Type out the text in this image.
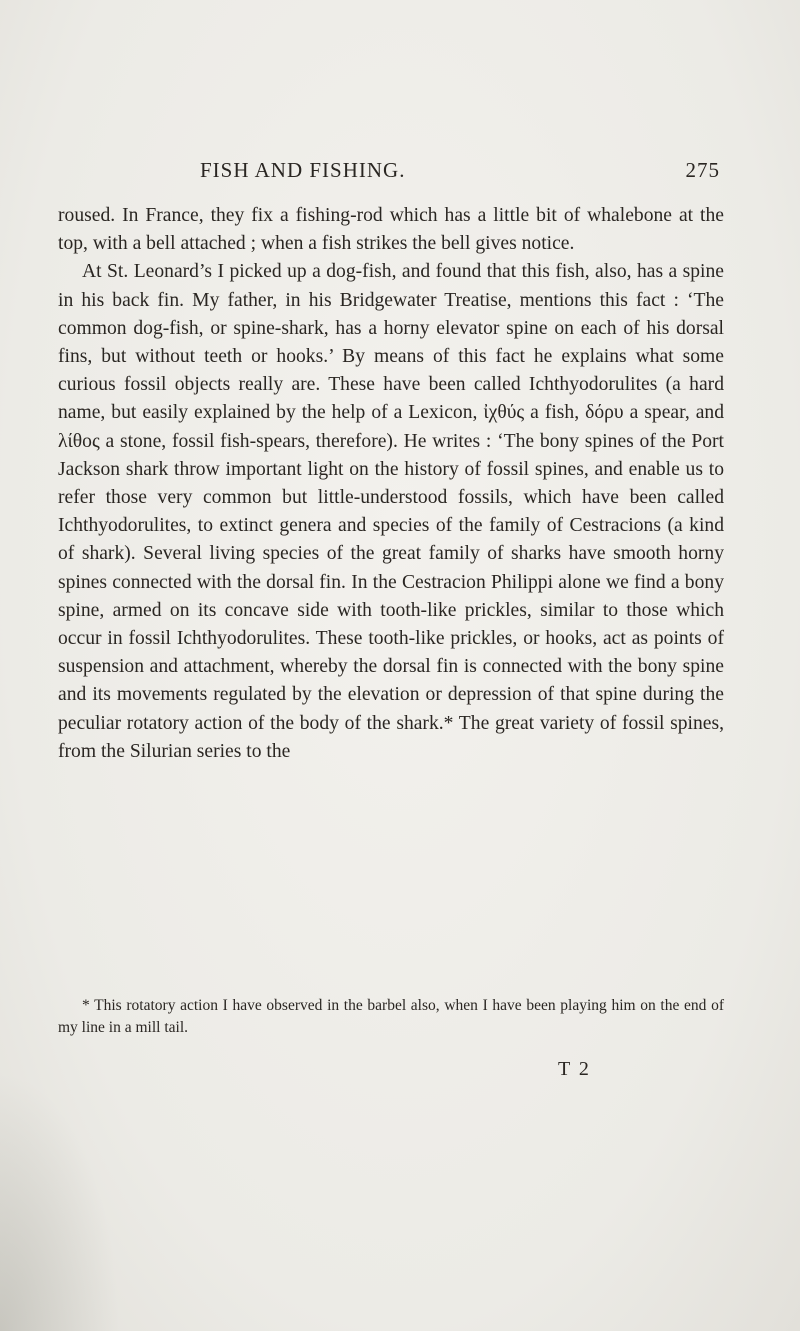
FISH AND FISHING.	275

roused. In France, they fix a fishing-rod which has a little bit of whalebone at the top, with a bell attached ; when a fish strikes the bell gives notice.

At St. Leonard’s I picked up a dog-fish, and found that this fish, also, has a spine in his back fin. My father, in his Bridgewater Treatise, mentions this fact : ‘The common dog-fish, or spine-shark, has a horny elevator spine on each of his dorsal fins, but without teeth or hooks.’ By means of this fact he explains what some curious fossil objects really are. These have been called Ichthyodorulites (a hard name, but easily explained by the help of a Lexicon, ἰχθύς a fish, δόρυ a spear, and λίθος a stone, fossil fish-spears, therefore). He writes : ‘The bony spines of the Port Jackson shark throw important light on the history of fossil spines, and enable us to refer those very common but little-understood fossils, which have been called Ichthyodorulites, to extinct genera and species of the family of Cestracions (a kind of shark). Several living species of the great family of sharks have smooth horny spines connected with the dorsal fin. In the Cestracion Philippi alone we find a bony spine, armed on its concave side with tooth-like prickles, similar to those which occur in fossil Ichthyodorulites. These tooth-like prickles, or hooks, act as points of suspension and attachment, whereby the dorsal fin is connected with the bony spine and its movements regulated by the elevation or depression of that spine during the peculiar rotatory action of the body of the shark.* The great variety of fossil spines, from the Silurian series to the

* This rotatory action I have observed in the barbel also, when I have been playing him on the end of my line in a mill tail.
T 2
